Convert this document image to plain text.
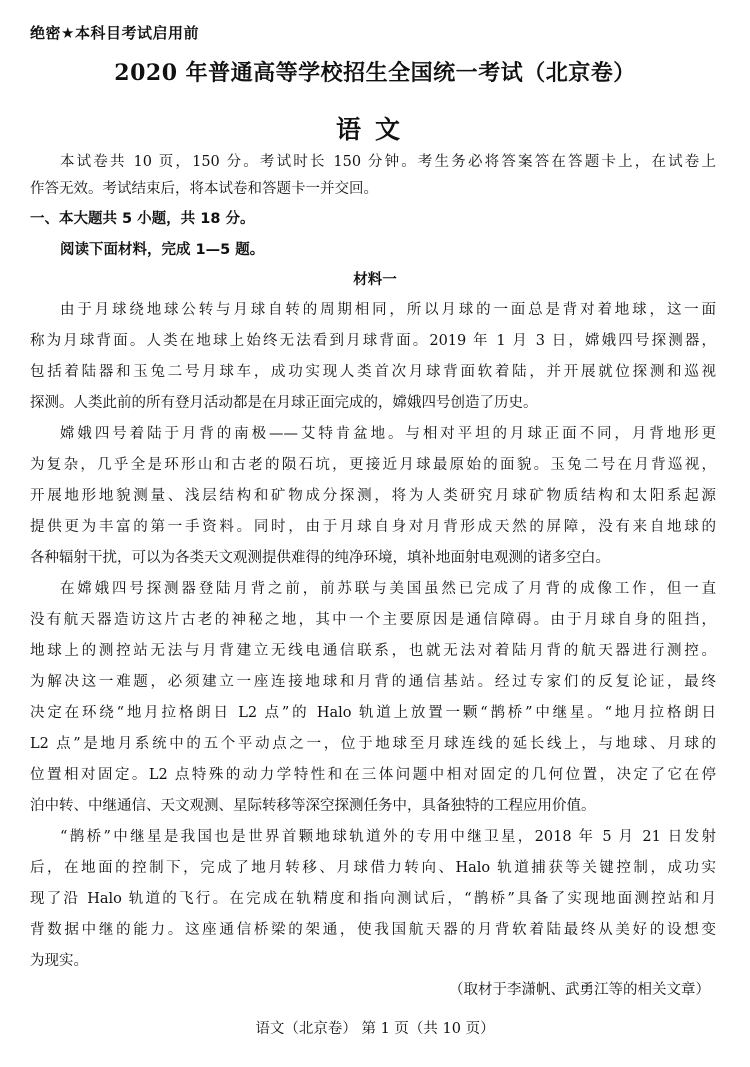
绝密★本科目考试启用前
2020 年普通高等学校招生全国统一考试（北京卷）
语文
本试卷共 10 页，150 分。考试时长 150 分钟。考生务必将答案答在答题卡上，在试卷上
作答无效。考试结束后，将本试卷和答题卡一并交回。
一、本大题共 5 小题，共 18 分。
阅读下面材料，完成 1—5 题。
材料一
由于月球绕地球公转与月球自转的周期相同，所以月球的一面总是背对着地球，这一面
称为月球背面。人类在地球上始终无法看到月球背面。2019 年 1 月 3 日，嫦娥四号探测器，
包括着陆器和玉兔二号月球车，成功实现人类首次月球背面软着陆，并开展就位探测和巡视
探测。人类此前的所有登月活动都是在月球正面完成的，嫦娥四号创造了历史。
嫦娥四号着陆于月背的南极——艾特肯盆地。与相对平坦的月球正面不同，月背地形更
为复杂，几乎全是环形山和古老的陨石坑，更接近月球最原始的面貌。玉兔二号在月背巡视，
开展地形地貌测量、浅层结构和矿物成分探测，将为人类研究月球矿物质结构和太阳系起源
提供更为丰富的第一手资料。同时，由于月球自身对月背形成天然的屏障，没有来自地球的
各种辐射干扰，可以为各类天文观测提供难得的纯净环境，填补地面射电观测的诸多空白。
在嫦娥四号探测器登陆月背之前，前苏联与美国虽然已完成了月背的成像工作，但一直
没有航天器造访这片古老的神秘之地，其中一个主要原因是通信障碍。由于月球自身的阻挡，
地球上的测控站无法与月背建立无线电通信联系，也就无法对着陆月背的航天器进行测控。
为解决这一难题，必须建立一座连接地球和月背的通信基站。经过专家们的反复论证，最终
决定在环绕“地月拉格朗日 L2 点”的 Halo 轨道上放置一颗“鹊桥”中继星。“地月拉格朗日
L2 点”是地月系统中的五个平动点之一，位于地球至月球连线的延长线上，与地球、月球的
位置相对固定。L2 点特殊的动力学特性和在三体问题中相对固定的几何位置，决定了它在停
泊中转、中继通信、天文观测、星际转移等深空探测任务中，具备独特的工程应用价值。
“鹊桥”中继星是我国也是世界首颗地球轨道外的专用中继卫星，2018 年 5 月 21 日发射
后，在地面的控制下，完成了地月转移、月球借力转向、Halo 轨道捕获等关键控制，成功实
现了沿 Halo 轨道的飞行。在完成在轨精度和指向测试后，“鹊桥”具备了实现地面测控站和月
背数据中继的能力。这座通信桥梁的架通，使我国航天器的月背软着陆最终从美好的设想变
为现实。
（取材于李潇帆、武勇江等的相关文章）
语文（北京卷） 第 1 页（共 10 页）
